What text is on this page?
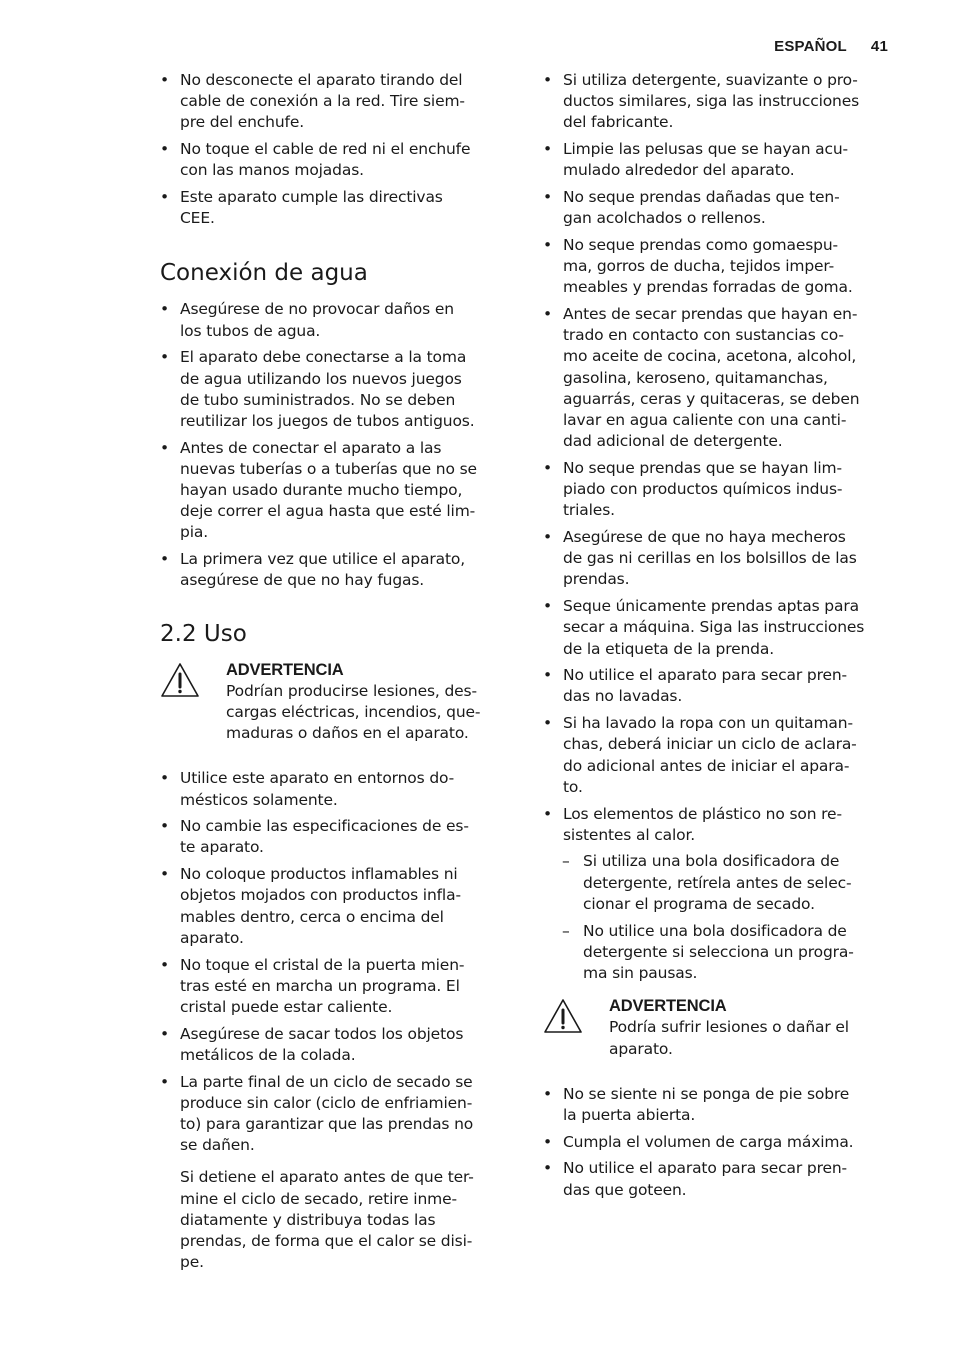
ESPAÑOL 41
• No desconecte el aparato tirando del
cable de conexión a la red. Tire siem-
pre del enchufe.
• No toque el cable de red ni el enchufe
con las manos mojadas.
• Este aparato cumple las directivas
CEE.
Conexión de agua
• Asegúrese de no provocar daños en
los tubos de agua.
• El aparato debe conectarse a la toma
de agua utilizando los nuevos juegos
de tubo suministrados. No se deben
reutilizar los juegos de tubos antiguos.
• Antes de conectar el aparato a las
nuevas tuberías o a tuberías que no se
hayan usado durante mucho tiempo,
deje correr el agua hasta que esté lim-
pia.
• La primera vez que utilice el aparato,
asegúrese de que no hay fugas.
2.2 Uso
ADVERTENCIA
Podrían producirse lesiones, des-
cargas eléctricas, incendios, que-
maduras o daños en el aparato.
• Utilice este aparato en entornos do-
mésticos solamente.
• No cambie las especificaciones de es-
te aparato.
• No coloque productos inflamables ni
objetos mojados con productos infla-
mables dentro, cerca o encima del
aparato.
• No toque el cristal de la puerta mien-
tras esté en marcha un programa. El
cristal puede estar caliente.
• Asegúrese de sacar todos los objetos
metálicos de la colada.
• La parte final de un ciclo de secado se
produce sin calor (ciclo de enfriamien-
to) para garantizar que las prendas no
se dañen.
Si detiene el aparato antes de que ter-
mine el ciclo de secado, retire inme-
diatamente y distribuya todas las
prendas, de forma que el calor se disi-
pe.
• Si utiliza detergente, suavizante o pro-
ductos similares, siga las instrucciones
del fabricante.
• Limpie las pelusas que se hayan acu-
mulado alrededor del aparato.
• No seque prendas dañadas que ten-
gan acolchados o rellenos.
• No seque prendas como gomaespu-
ma, gorros de ducha, tejidos imper-
meables y prendas forradas de goma.
• Antes de secar prendas que hayan en-
trado en contacto con sustancias co-
mo aceite de cocina, acetona, alcohol,
gasolina, keroseno, quitamanchas,
aguarrás, ceras y quitaceras, se deben
lavar en agua caliente con una canti-
dad adicional de detergente.
• No seque prendas que se hayan lim-
piado con productos químicos indus-
triales.
• Asegúrese de que no haya mecheros
de gas ni cerillas en los bolsillos de las
prendas.
• Seque únicamente prendas aptas para
secar a máquina. Siga las instrucciones
de la etiqueta de la prenda.
• No utilice el aparato para secar pren-
das no lavadas.
• Si ha lavado la ropa con un quitaman-
chas, deberá iniciar un ciclo de aclara-
do adicional antes de iniciar el apara-
to.
• Los elementos de plástico no son re-
sistentes al calor.
– Si utiliza una bola dosificadora de
detergente, retírela antes de selec-
cionar el programa de secado.
– No utilice una bola dosificadora de
detergente si selecciona un progra-
ma sin pausas.
ADVERTENCIA
Podría sufrir lesiones o dañar el
aparato.
• No se siente ni se ponga de pie sobre
la puerta abierta.
• Cumpla el volumen de carga máxima.
• No utilice el aparato para secar pren-
das que goteen.
